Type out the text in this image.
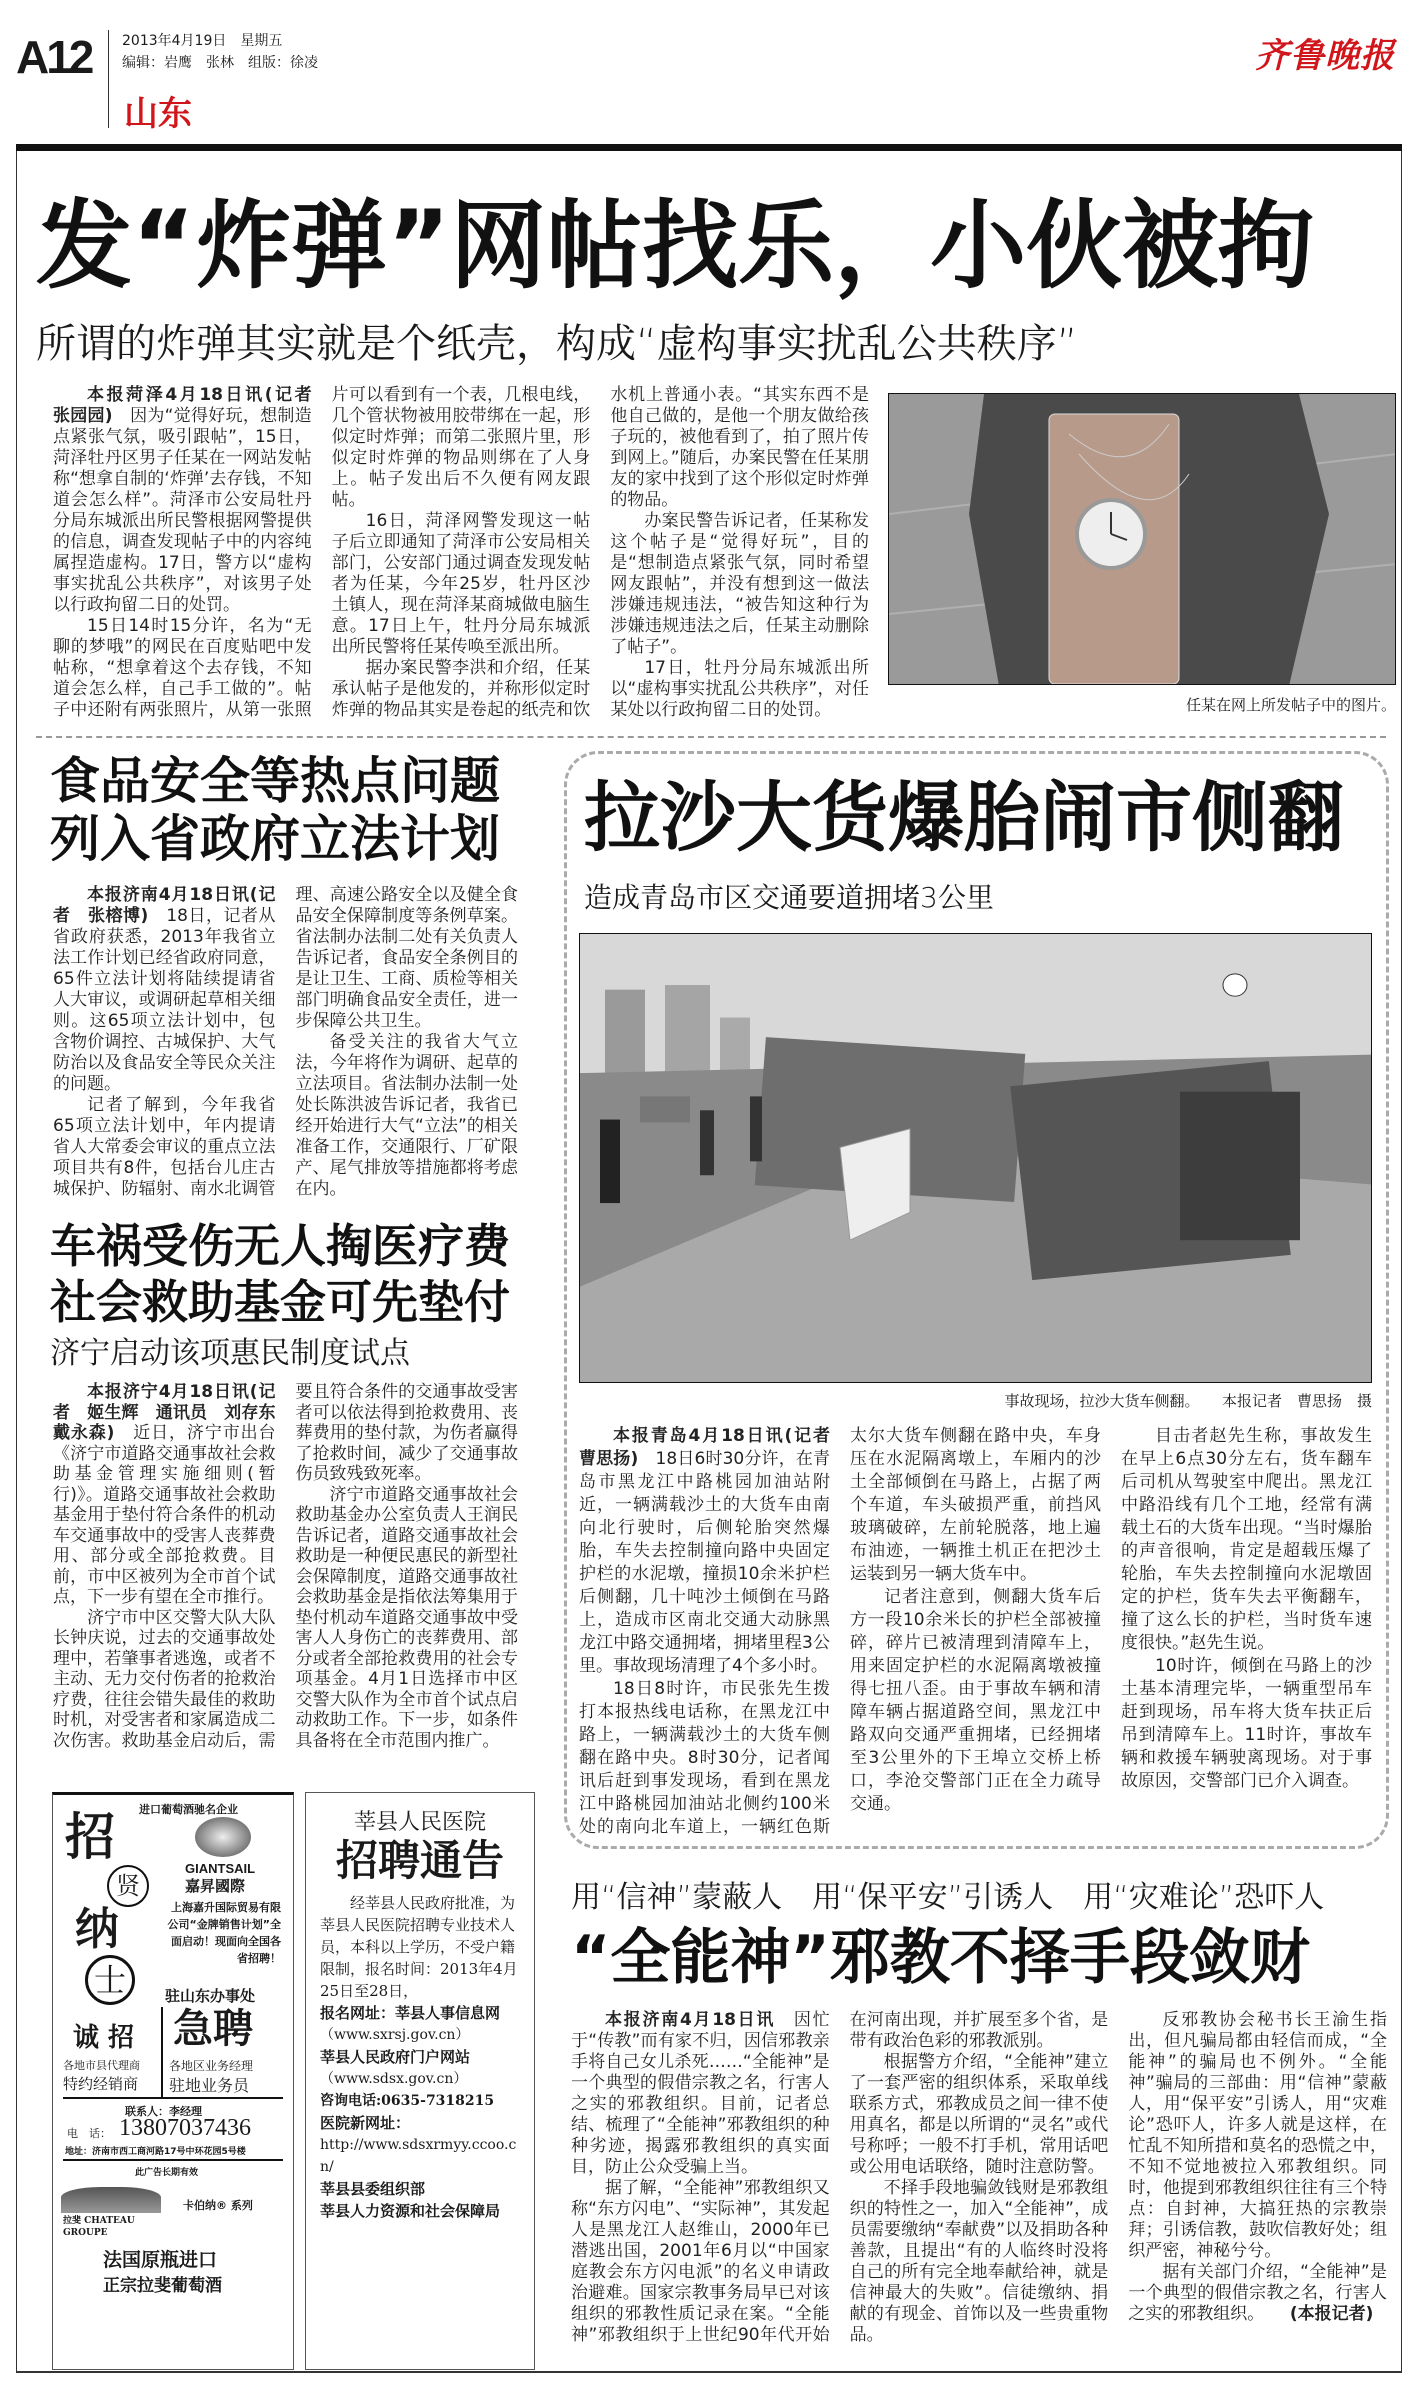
A12 2013年4月19日　星期五
编辑：岩鹰　张林　组版：徐凌
山东
齐鲁晚报
发“炸弹”网帖找乐，小伙被拘
所谓的炸弹其实就是个纸壳，构成“虚构事实扰乱公共秩序”

本报菏泽4月18日讯(记者　张园园)　 因为“觉得好玩，想制造点紧张气氛，吸引跟帖”，15日，菏泽牡丹区男子任某在一网站发帖称“想拿自制的‘炸弹’去存钱，不知道会怎么样”。菏泽市公安局牡丹分局东城派出所民警根据网警提供的信息，调查发现帖子中的内容纯属捏造虚构。17日，警方以“虚构事实扰乱公共秩序”，对该男子处以行政拘留二日的处罚。

15日14时15分许，名为“无聊的梦哦”的网民在百度贴吧中发帖称，“想拿着这个去存钱，不知道会怎么样，自己手工做的”。帖子中还附有两张照片，从第一张照片可以看到有一个表，几根电线，几个管状物被用胶带绑在一起，形似定时炸弹；而第二张照片里，形似定时炸弹的物品则绑在了人身上。帖子发出后不久便有网友跟帖。

16日，菏泽网警发现这一帖子后立即通知了菏泽市公安局相关部门，公安部门通过调查发现发帖者为任某，今年25岁，牡丹区沙土镇人，现在菏泽某商城做电脑生意。17日上午，牡丹分局东城派出所民警将任某传唤至派出所。

据办案民警李洪和介绍，任某承认帖子是他发的，并称形似定时炸弹的物品其实是卷起的纸壳和饮水机上普通小表。“其实东西不是他自己做的，是他一个朋友做给孩子玩的，被他看到了，拍了照片传到网上。”随后，办案民警在任某朋友的家中找到了这个形似定时炸弹的物品。

办案民警告诉记者，任某称发这个帖子是“觉得好玩”，目的是“想制造点紧张气氛，同时希望网友跟帖”，并没有想到这一做法涉嫌违规违法，“被告知这种行为涉嫌违规违法之后，任某主动删除了帖子”。

17日，牡丹分局东城派出所以“虚构事实扰乱公共秩序”，对任某处以行政拘留二日的处罚。	任某在网上所发帖子中的图片。
食品安全等热点问题
列入省政府立法计划

本报济南4月18日讯(记者　张榕博)　 18日，记者从省政府获悉，2013年我省立法工作计划已经省政府同意，65件立法计划将陆续提请省人大审议，或调研起草相关细则。这65项立法计划中，包含物价调控、古城保护、大气防治以及食品安全等民众关注的问题。

记者了解到，今年我省65项立法计划中，年内提请省人大常委会审议的重点立法项目共有8件，包括台儿庄古城保护、防辐射、南水北调管理、高速公路安全以及健全食品安全保障制度等条例草案。省法制办法制二处有关负责人告诉记者，食品安全条例目的是让卫生、工商、质检等相关部门明确食品安全责任，进一步保障公共卫生。

备受关注的我省大气立法，今年将作为调研、起草的立法项目。省法制办法制一处处长陈洪波告诉记者，我省已经开始进行大气“立法”的相关准备工作，交通限行、厂矿限产、尾气排放等措施都将考虑在内。

车祸受伤无人掏医疗费
社会救助基金可先垫付
济宁启动该项惠民制度试点

本报济宁4月18日讯(记者　姬生辉　通讯员　刘存东　戴永森)　 近日，济宁市出台《济宁市道路交通事故社会救助基金管理实施细则(暂行)》。道路交通事故社会救助基金用于垫付符合条件的机动车交通事故中的受害人丧葬费用、部分或全部抢救费。目前，市中区被列为全市首个试点，下一步有望在全市推行。

济宁市中区交警大队大队长钟庆说，过去的交通事故处理中，若肇事者逃逸，或者不主动、无力交付伤者的抢救治疗费，往往会错失最佳的救助时机，对受害者和家属造成二次伤害。救助基金启动后，需要且符合条件的交通事故受害者可以依法得到抢救费用、丧葬费用的垫付款，为伤者赢得了抢救时间，减少了交通事故伤员致残致死率。

济宁市道路交通事故社会救助基金办公室负责人王润民告诉记者，道路交通事故社会救助是一种便民惠民的新型社会保障制度，道路交通事故社会救助基金是指依法筹集用于垫付机动车道路交通事故中受害人人身伤亡的丧葬费用、部分或者全部抢救费用的社会专项基金。4月1日选择市中区交警大队作为全市首个试点启动救助工作。下一步，如条件具备将在全市范围内推广。

拉沙大货爆胎闹市侧翻
造成青岛市区交通要道拥堵3公里
事故现场，拉沙大货车侧翻。　　本报记者　曹思扬　摄

本报青岛4月18日讯(记者　曹思扬)　 18日6时30分许，在青岛市黑龙江中路桃园加油站附近，一辆满载沙土的大货车由南向北行驶时，后侧轮胎突然爆胎，车失去控制撞向路中央固定护栏的水泥墩，撞损10余米护栏后侧翻，几十吨沙土倾倒在马路上，造成市区南北交通大动脉黑龙江中路交通拥堵，拥堵里程3公里。事故现场清理了4个多小时。

18日8时许，市民张先生拨打本报热线电话称，在黑龙江中路上，一辆满载沙土的大货车侧翻在路中央。8时30分，记者闻讯后赶到事发现场，看到在黑龙江中路桃园加油站北侧约100米处的南向北车道上，一辆红色斯太尔大货车侧翻在路中央，车身压在水泥隔离墩上，车厢内的沙土全部倾倒在马路上，占据了两个车道，车头破损严重，前挡风玻璃破碎，左前轮脱落，地上遍布油迹，一辆推土机正在把沙土运装到另一辆大货车中。

记者注意到，侧翻大货车后方一段10余米长的护栏全部被撞碎，碎片已被清理到清障车上，用来固定护栏的水泥隔离墩被撞得七扭八歪。由于事故车辆和清障车辆占据道路空间，黑龙江中路双向交通严重拥堵，已经拥堵至3公里外的下王埠立交桥上桥口，李沧交警部门正在全力疏导交通。

目击者赵先生称，事故发生在早上6点30分左右，货车翻车后司机从驾驶室中爬出。黑龙江中路沿线有几个工地，经常有满载土石的大货车出现。“当时爆胎的声音很响，肯定是超载压爆了轮胎，车失去控制撞向水泥墩固定的护栏，货车失去平衡翻车，撞了这么长的护栏，当时货车速度很快。”赵先生说。

10时许，倾倒在马路上的沙土基本清理完毕，一辆重型吊车赶到现场，吊车将大货车扶正后吊到清障车上。11时许，事故车辆和救援车辆驶离现场。对于事故原因，交警部门已介入调查。

用“信神”蒙蔽人　用“保平安”引诱人　用“灾难论”恐吓人
“全能神”邪教不择手段敛财

本报济南4月18日讯　 因忙于“传教”而有家不归，因信邪教亲手将自己女儿杀死……“全能神”是一个典型的假借宗教之名，行害人之实的邪教组织。目前，记者总结、梳理了“全能神”邪教组织的种种劣迹，揭露邪教组织的真实面目，防止公众受骗上当。

据了解，“全能神”邪教组织又称“东方闪电”、“实际神”，其发起人是黑龙江人赵维山，2000年已潜逃出国，2001年6月以“中国家庭教会东方闪电派”的名义申请政治避难。国家宗教事务局早已对该组织的邪教性质记录在案。“全能神”邪教组织于上世纪90年代开始在河南出现，并扩展至多个省，是带有政治色彩的邪教派别。

根据警方介绍，“全能神”建立了一套严密的组织体系，采取单线联系方式，邪教成员之间一律不使用真名，都是以所谓的“灵名”或代号称呼；一般不打手机，常用话吧或公用电话联络，随时注意防警。

不择手段地骗敛钱财是邪教组织的特性之一，加入“全能神”，成员需要缴纳“奉献费”以及捐助各种善款，且提出“有的人临终时没将自己的所有完全地奉献给神，就是信神最大的失败”。信徒缴纳、捐献的有现金、首饰以及一些贵重物品。

反邪教协会秘书长王渝生指出，但凡骗局都由轻信而成，“全能神”的骗局也不例外。“全能神”骗局的三部曲：用“信神”蒙蔽人，用“保平安”引诱人，用“灾难论”恐吓人，许多人就是这样，在忙乱不知所措和莫名的恐慌之中，不知不觉地被拉入邪教组织。同时，他提到邪教组织往往有三个特点：自封神，大搞狂热的宗教崇拜；引诱信教，鼓吹信教好处；组织严密，神秘兮兮。

据有关部门介绍，“全能神”是一个典型的假借宗教之名，行害人之实的邪教组织。　　 (本报记者)

进口葡萄酒驰名企业
招
贤
纳
士
GIANTSAIL
嘉昇國際
上海嘉升国际贸易有限公司“金牌销售计划”全面启动！现面向全国各省招聘！
驻山东办事处
诚 招
各地市县代理商
特约经销商
急聘
各地区业务经理
驻地业务员
联系人：李经理
电　话： 13807037436
地址：济南市西工商河路17号中环花园5号楼
此广告长期有效
拉斐 CHATEAU GROUPE
卡伯纳® 系列
法国原瓶进口
正宗拉斐葡萄酒
莘县人民医院
招聘通告
经莘县人民政府批准，为莘县人民医院招聘专业技术人员，本科以上学历，不受户籍限制，报名时间：2013年4月25日至28日，
报名网址：莘县人事信息网
（www.sxrsj.gov.cn）
莘县人民政府门户网站
（www.sdsx.gov.cn）
咨询电话:0635-7318215
医院新网址：
http://www.sdsxrmyy.ccoo.cn/
莘县县委组织部
莘县人力资源和社会保障局
